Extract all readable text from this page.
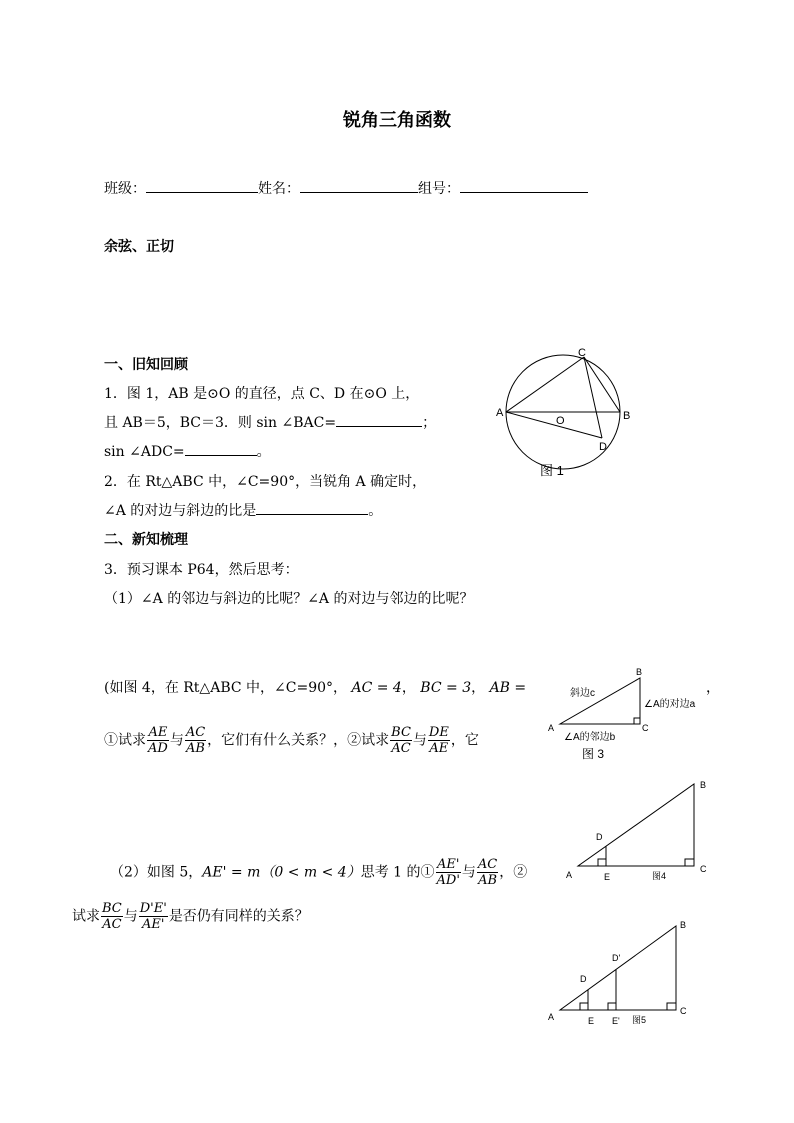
锐角三角函数
班级：	姓名：	组号：
余弦、正切
一、旧知回顾
1．图 1，AB 是⊙O 的直径，点 C、D 在⊙O 上，
且 AB＝5，BC＝3．则 sin ∠BAC=	；
sin ∠ADC=	。
2．在 Rt△ABC 中，∠C=90°，当锐角 A 确定时，
∠A 的对边与斜边的比是	。
二、新知梳理
3．预习课本 P64，然后思考：
（1）∠A 的邻边与斜边的比呢？∠A 的对边与邻边的比呢？
(如图 4，在 Rt△ABC 中，∠C=90°， AC = 4， BC = 3， AB =	，
①试求 $\frac{AE}{AD}$ 与 $\frac{AC}{AB}$ ，它们有什么关系？，②试求 $\frac{BC}{AC}$ 与 $\frac{DE}{AE}$ ，它
（2）如图 5，AE' = m（0 < m < 4）思考 1 的① $\frac{AE'}{AD'}$ 与 $\frac{AC}{AB}$ ，②
试求 $\frac{BC}{AC}$ 与 $\frac{D'E'}{AE'}$ 是否仍有同样的关系？
A	B
C
D
O
图 1
A
B
C
斜边c
∠A的对边a
∠A的邻边b
图 3
A
B
C
D
E	图4
A
B
C
D
D'
E E' 图5
